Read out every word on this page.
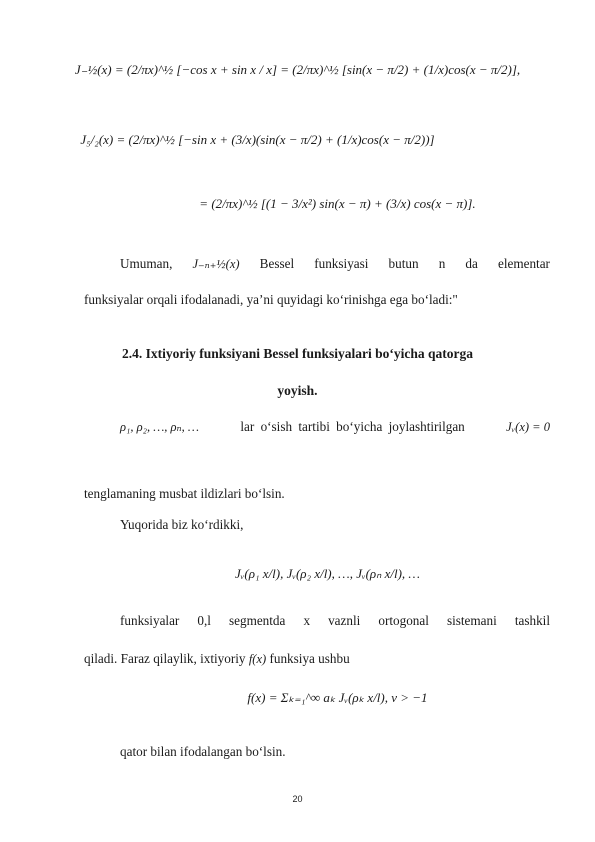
J₋½(x) = (2/πx)^½ [−cos x + sin x / x] = (2/πx)^½ [sin(x − π/2) + (1/x)cos(x − π/2)],
J₅/₂(x) = (2/πx)^½ [−sin x + (3/x)(sin(x − π/2) + (1/x)cos(x − π/2))]
= (2/πx)^½ [(1 − 3/x²) sin(x − π) + (3/x) cos(x − π)].
Umuman, J₋ₙ₊½(x) Bessel funksiyasi butun n da elementar
funksiyalar orqali ifodalanadi, ya’ni quyidagi ko‘rinishga ega bo‘ladi:"
2.4. Ixtiyoriy funksiyani Bessel funksiyalari bo‘yicha qatorga
yoyish.
ρ₁, ρ₂, …, ρₙ, …	lar o‘sish tartibi bo‘yicha joylashtirilgan	Jᵥ(x) = 0
tenglamaning musbat ildizlari bo‘lsin.
Yuqorida biz ko‘rdikki,
Jᵥ(ρ₁ x/l), Jᵥ(ρ₂ x/l), …, Jᵥ(ρₙ x/l), …
funksiyalar 0,l segmentda x vaznli ortogonal sistemani tashkil
qiladi. Faraz qilaylik, ixtiyoriy f(x) funksiya ushbu
f(x) = Σₖ₌₁^∞ aₖ Jᵥ(ρₖ x/l), ν > −1
qator bilan ifodalangan bo‘lsin.
20
